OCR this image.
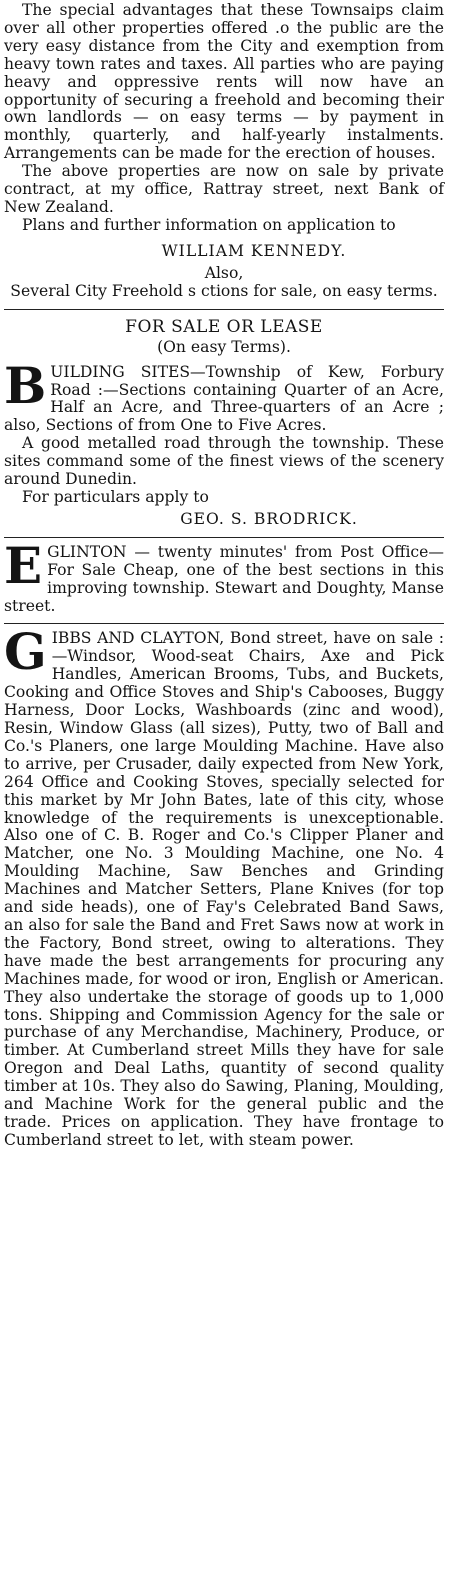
The special advantages that these Townsaips claim over all other properties offered .o the public are the very easy distance from the City and exemption from heavy town rates and taxes. All parties who are paying heavy and oppressive rents will now have an opportunity of securing a freehold and becoming their own landlords — on easy terms — by payment in monthly, quarterly, and half-yearly instalments. Arrangements can be made for the erection of houses.

The above properties are now on sale by private contract, at my office, Rattray street, next Bank of New Zealand.

Plans and further information on application to

WILLIAM KENNEDY.

Also,

Several City Freehold s ctions for sale, on easy terms.

FOR SALE OR LEASE
(On easy Terms).
B UILDING SITES—Township of Kew, Forbury Road :—Sections containing Quarter of an Acre, Half an Acre, and Three-quarters of an Acre ; also, Sections of from One to Five Acres.

A good metalled road through the township. These sites command some of the finest views of the scenery around Dunedin.

For particulars apply to

GEO. S. BRODRICK.

E GLINTON — twenty minutes' from Post Office—For Sale Cheap, one of the best sections in this improving township. Stewart and Doughty, Manse street.

G IBBS AND CLAYTON, Bond street, have on sale :—Windsor, Wood-seat Chairs, Axe and Pick Handles, American Brooms, Tubs, and Buckets, Cooking and Office Stoves and Ship's Cabooses, Buggy Harness, Door Locks, Washboards (zinc and wood), Resin, Window Glass (all sizes), Putty, two of Ball and Co.'s Planers, one large Moulding Machine. Have also to arrive, per Crusader, daily expected from New York, 264 Office and Cooking Stoves, specially selected for this market by Mr John Bates, late of this city, whose knowledge of the requirements is unexceptionable. Also one of C. B. Roger and Co.'s Clipper Planer and Matcher, one No. 3 Moulding Machine, one No. 4 Moulding Machine, Saw Benches and Grinding Machines and Matcher Setters, Plane Knives (for top and side heads), one of Fay's Celebrated Band Saws, an also for sale the Band and Fret Saws now at work in the Factory, Bond street, owing to alterations. They have made the best arrangements for procuring any Machines made, for wood or iron, English or American. They also undertake the storage of goods up to 1,000 tons. Shipping and Commission Agency for the sale or purchase of any Merchandise, Machinery, Produce, or timber. At Cumberland street Mills they have for sale Oregon and Deal Laths, quantity of second quality timber at 10s. They also do Sawing, Planing, Moulding, and Machine Work for the general public and the trade. Prices on application. They have frontage to Cumberland street to let, with steam power.
